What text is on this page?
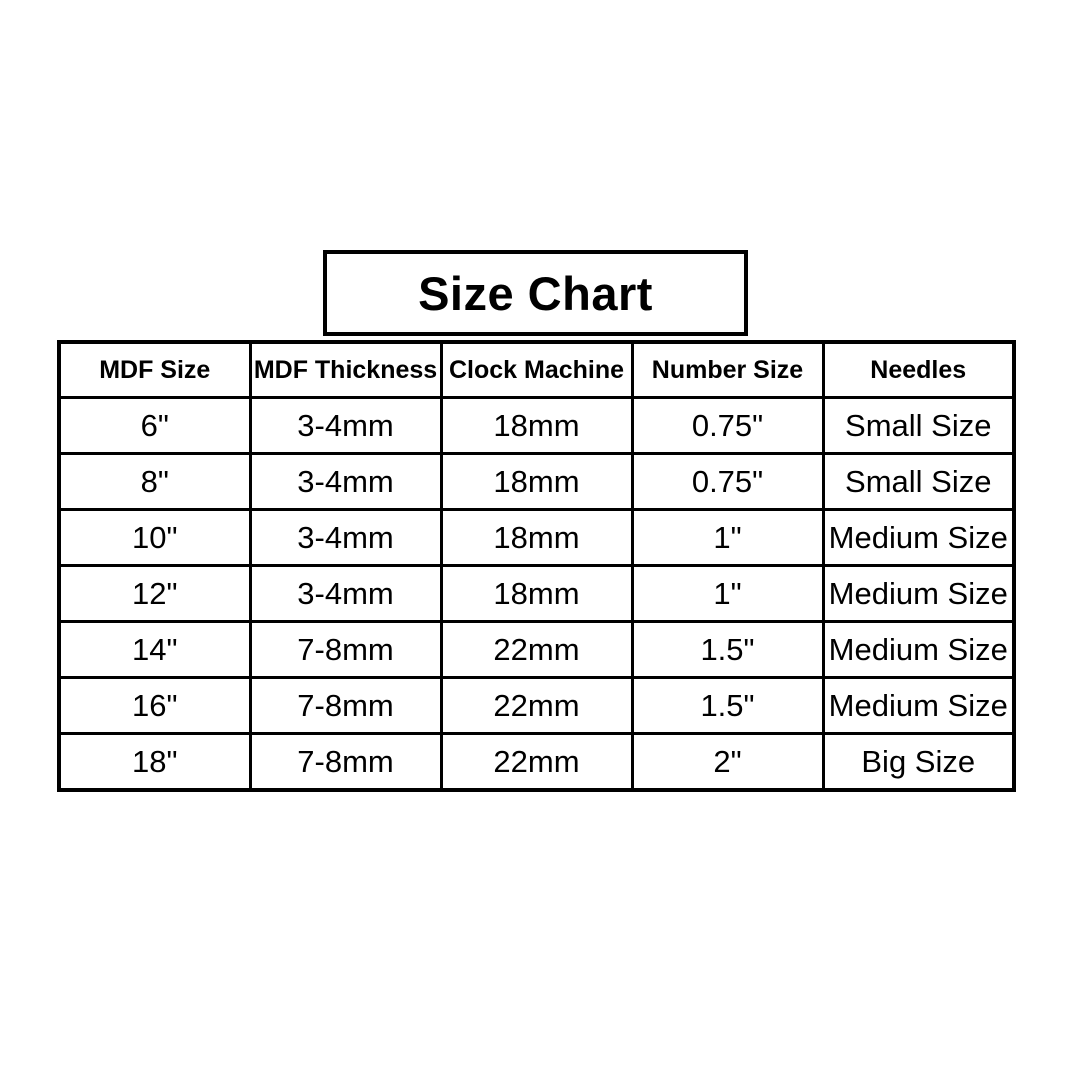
Size Chart
MDF Size	MDF Thickness	Clock Machine	Number Size	Needles
6"	3-4mm	18mm	0.75"	Small Size
8"	3-4mm	18mm	0.75"	Small Size
10"	3-4mm	18mm	1"	Medium Size
12"	3-4mm	18mm	1"	Medium Size
14"	7-8mm	22mm	1.5"	Medium Size
16"	7-8mm	22mm	1.5"	Medium Size
18"	7-8mm	22mm	2"	Big Size
